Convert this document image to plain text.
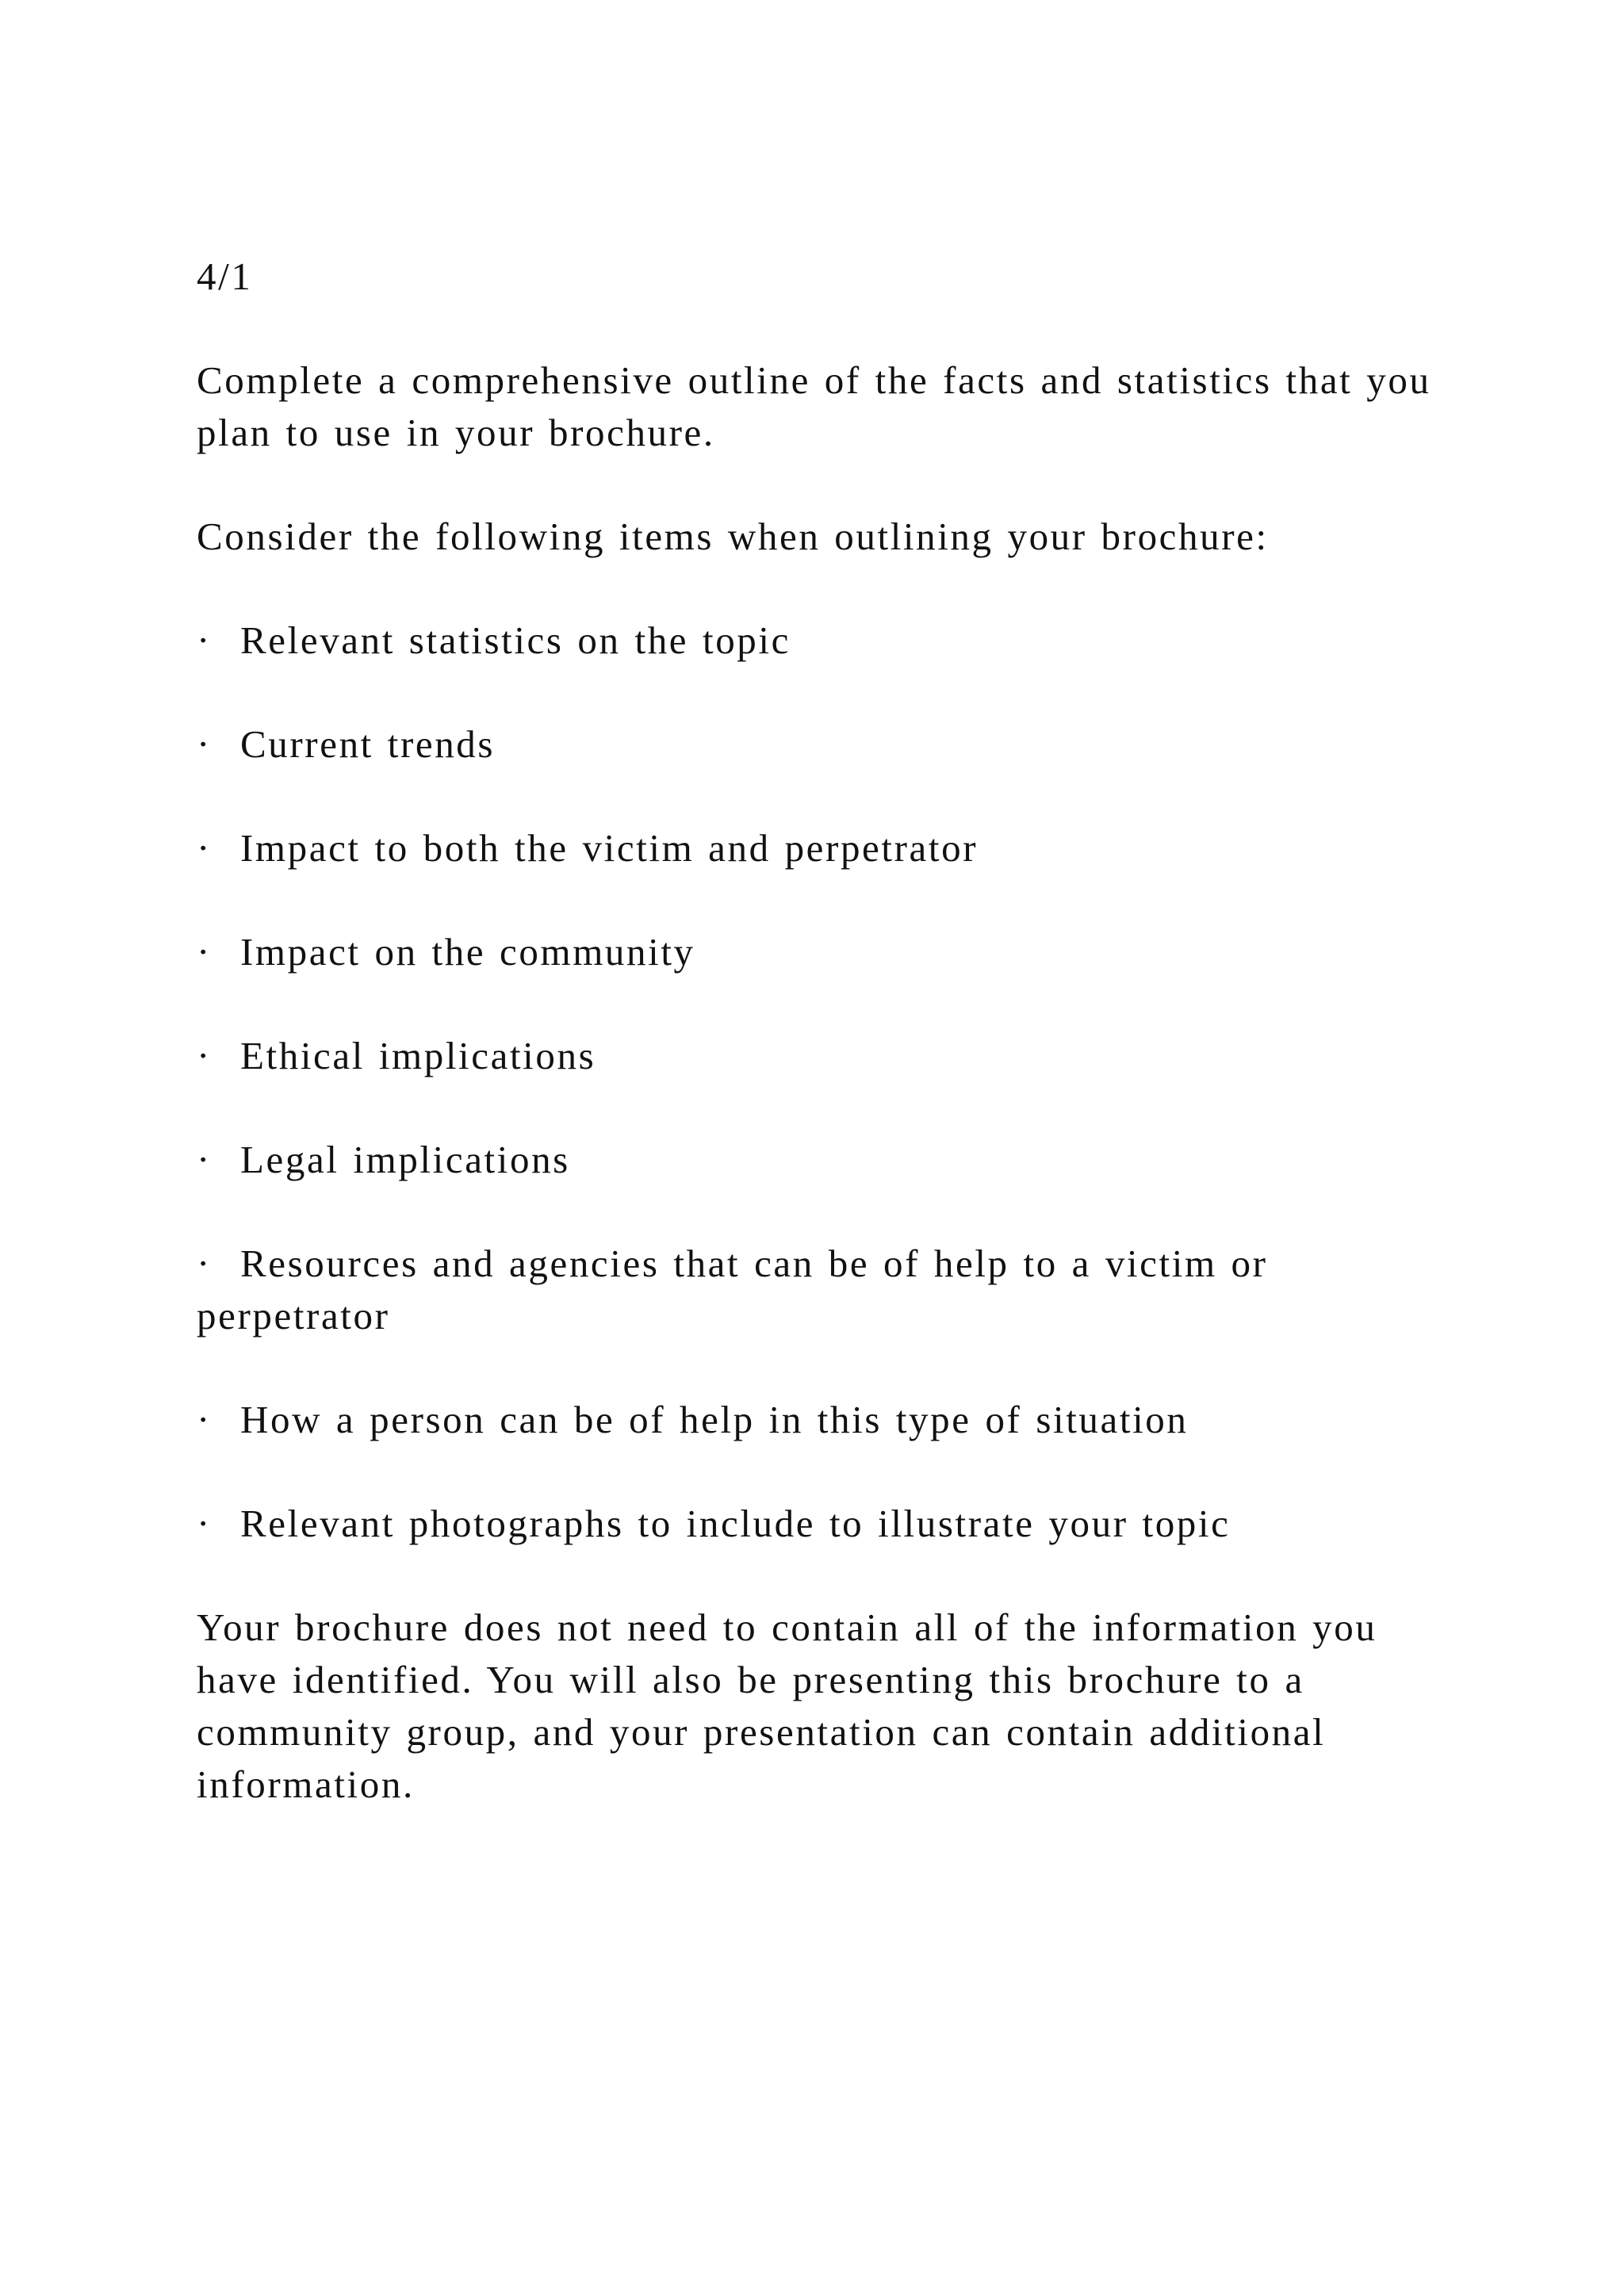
4/1

Complete a comprehensive outline of the facts and statistics that you plan to use in your brochure.

Consider the following items when outlining your brochure:

· Relevant statistics on the topic
· Current trends
· Impact to both the victim and perpetrator
· Impact on the community
· Ethical implications
· Legal implications
· Resources and agencies that can be of help to a victim or perpetrator
· How a person can be of help in this type of situation
· Relevant photographs to include to illustrate your topic

Your brochure does not need to contain all of the information you have identified. You will also be presenting this brochure to a community group, and your presentation can contain additional information.
